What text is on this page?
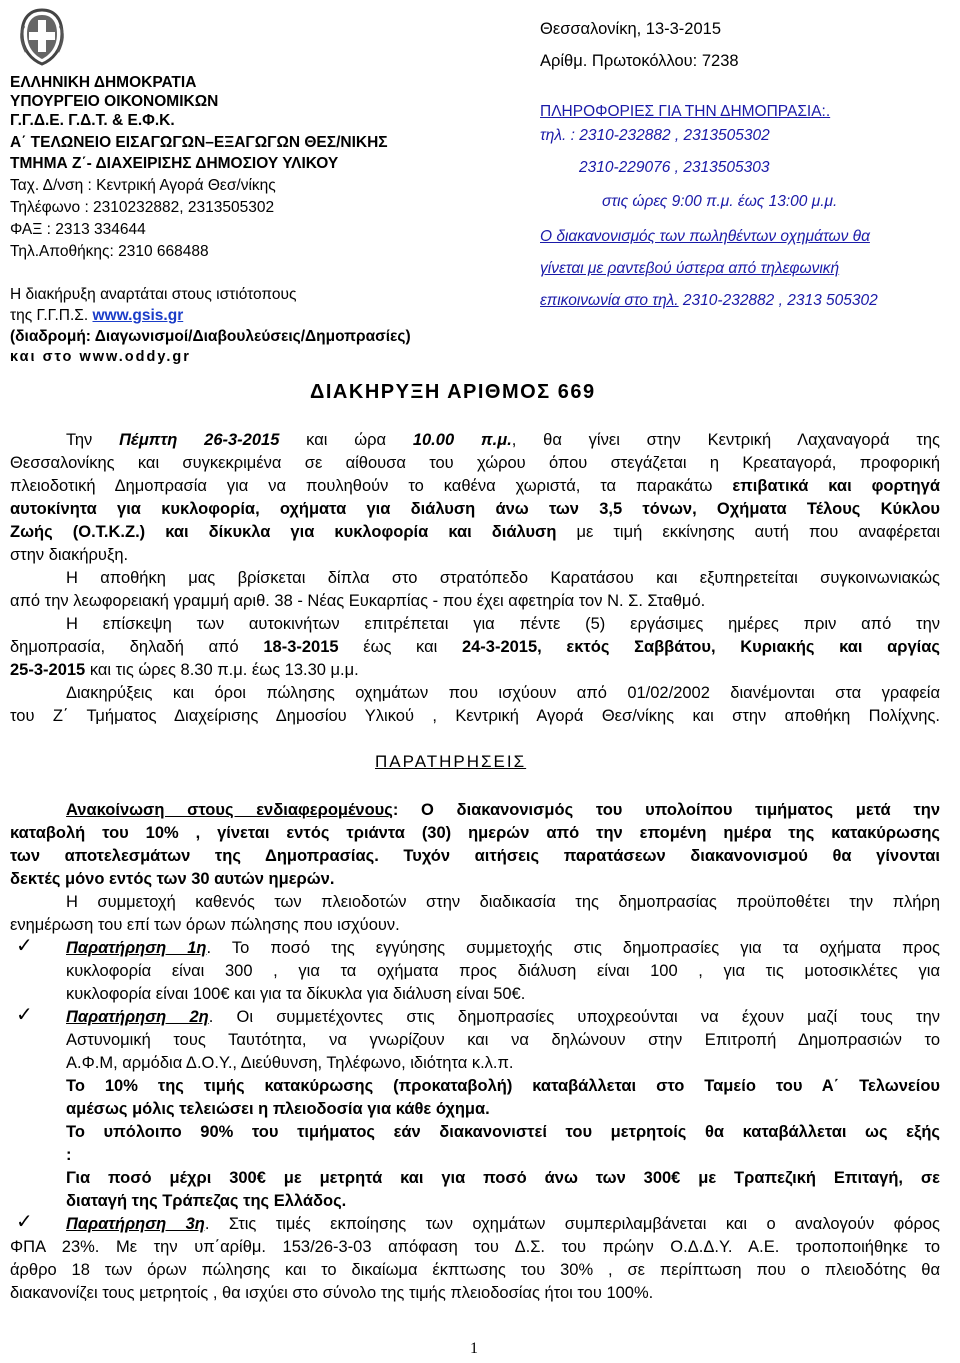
ΕΛΛΗΝΙΚΗ ΔΗΜΟΚΡΑΤΙΑ
ΥΠΟΥΡΓΕΙΟ ΟΙΚΟΝΟΜΙΚΩΝ
Γ.Γ.Δ.Ε. Γ.Δ.Τ. & Ε.Φ.Κ.
Α΄ ΤΕΛΩΝΕΙΟ ΕΙΣΑΓΩΓΩΝ–ΕΞΑΓΩΓΩΝ ΘΕΣ/ΝΙΚΗΣ
ΤΜΗΜΑ Ζ΄- ΔΙΑΧΕΙΡΙΣΗΣ ΔΗΜΟΣΙΟΥ ΥΛΙΚΟΥ
Ταχ. Δ/νση : Κεντρική Αγορά Θεσ/νίκης
Τηλέφωνο : 2310232882, 2313505302
ΦΑΞ : 2313 334644
Τηλ.Αποθήκης: 2310 668488
Η διακήρυξη αναρτάται στους ιστιότοπους
της Γ.Γ.Π.Σ. www.gsis.gr
(διαδρομή: Διαγωνισμοί/Διαβουλεύσεις/Δημοπρασίες)
και στο www.oddy.gr
Θεσσαλονίκη, 13-3-2015
Αρίθμ. Πρωτοκόλλου: 7238
ΠΛΗΡΟΦΟΡΙΕΣ ΓΙΑ ΤΗΝ ΔΗΜΟΠΡΑΣΙΑ:.
τηλ. : 2310-232882 , 2313505302
2310-229076 , 2313505303
στις ώρες 9:00 π.μ. έως 13:00 μ.μ.
Ο διακανονισμός των πωληθέντων οχημάτων θα
γίνεται με ραντεβού ύστερα από τηλεφωνική
επικοινωνία στο τηλ. 2310-232882 , 2313 505302
ΔΙΑΚΗΡΥΞΗ ΑΡΙΘΜΟΣ 669
Την Πέμπτη 26-3-2015 και ώρα 10.00 π.μ., θα γίνει στην Κεντρική Λαχαναγορά της
Θεσσαλονίκης και συγκεκριμένα σε αίθουσα του χώρου όπου στεγάζεται η Κρεαταγορά, προφορική
πλειοδοτική Δημοπρασία για να πουληθούν το καθένα χωριστά, τα παρακάτω επιβατικά και φορτηγά
αυτοκίνητα για κυκλοφορία, οχήματα για διάλυση άνω των 3,5 τόνων, Οχήματα Τέλους Κύκλου
Ζωής (Ο.Τ.Κ.Ζ.) και δίκυκλα για κυκλοφορία και διάλυση με τιμή εκκίνησης αυτή που αναφέρεται
στην διακήρυξη.
Η αποθήκη μας βρίσκεται δίπλα στο στρατόπεδο Καρατάσου και εξυπηρετείται συγκοινωνιακώς
από την λεωφορειακή γραμμή αριθ. 38 - Νέας Ευκαρπίας - που έχει αφετηρία τον Ν. Σ. Σταθμό.
Η επίσκεψη των αυτοκινήτων επιτρέπεται για πέντε (5) εργάσιμες ημέρες πριν από την
δημοπρασία, δηλαδή από 18-3-2015 έως και 24-3-2015, εκτός Σαββάτου, Κυριακής και αργίας
25-3-2015 και τις ώρες 8.30 π.μ. έως 13.30 μ.μ.
Διακηρύξεις και όροι πώλησης οχημάτων που ισχύουν από 01/02/2002 διανέμονται στα γραφεία
του Ζ΄ Τμήματος Διαχείρισης Δημοσίου Υλικού , Κεντρική Αγορά Θεσ/νίκης και στην αποθήκη Πολίχνης.
ΠΑΡΑΤΗΡΗΣΕΙΣ
Ανακοίνωση στους ενδιαφερομένους: Ο διακανονισμός του υπολοίπου τιμήματος μετά την
καταβολή του 10% , γίνεται εντός τριάντα (30) ημερών από την επομένη ημέρα της κατακύρωσης
των αποτελεσμάτων της Δημοπρασίας. Τυχόν αιτήσεις παρατάσεων διακανονισμού θα γίνονται
δεκτές μόνο εντός των 30 αυτών ημερών.
Η συμμετοχή καθενός των πλειοδοτών στην διαδικασία της δημοπρασίας προϋποθέτει την πλήρη
ενημέρωση του επί των όρων πώλησης που ισχύουν.
✓ Παρατήρηση 1η. Το ποσό της εγγύησης συμμετοχής στις δημοπρασίες για τα οχήματα προς
κυκλοφορία είναι 300 , για τα οχήματα προς διάλυση είναι 100 , για τις μοτοσικλέτες για
κυκλοφορία είναι 100€ και για τα δίκυκλα για διάλυση είναι 50€.
✓ Παρατήρηση 2η. Οι συμμετέχοντες στις δημοπρασίες υποχρεούνται να έχουν μαζί τους την
Αστυνομική τους Ταυτότητα, να γνωρίζουν και να δηλώνουν στην Επιτροπή Δημοπρασιών το
Α.Φ.Μ, αρμόδια Δ.Ο.Υ., Διεύθυνση, Τηλέφωνο, ιδιότητα κ.λ.π.
Το 10% της τιμής κατακύρωσης (προκαταβολή) καταβάλλεται στο Ταμείο του Α΄ Τελωνείου
αμέσως μόλις τελειώσει η πλειοδοσία για κάθε όχημα.
Το υπόλοιπο 90% του τιμήματος εάν διακανονιστεί του μετρητοίς θα καταβάλλεται ως εξής
:
Για ποσό μέχρι 300€ με μετρητά και για ποσό άνω των 300€ με Τραπεζική Επιταγή, σε
διαταγή της Τράπεζας της Ελλάδος.
✓ Παρατήρηση 3η. Στις τιμές εκποίησης των οχημάτων συμπεριλαμβάνεται και ο αναλογούν φόρος
ΦΠΑ 23%. Με την υπ΄αρίθμ. 153/26-3-03 απόφαση του Δ.Σ. του πρώην Ο.Δ.Δ.Υ. Α.Ε. τροποποιήθηκε το
άρθρο 18 των όρων πώλησης και το δικαίωμα έκπτωσης του 30% , σε περίπτωση που ο πλειοδότης θα
διακανονίζει τους μετρητοίς , θα ισχύει στο σύνολο της τιμής πλειοδοσίας ήτοι του 100%.
1
